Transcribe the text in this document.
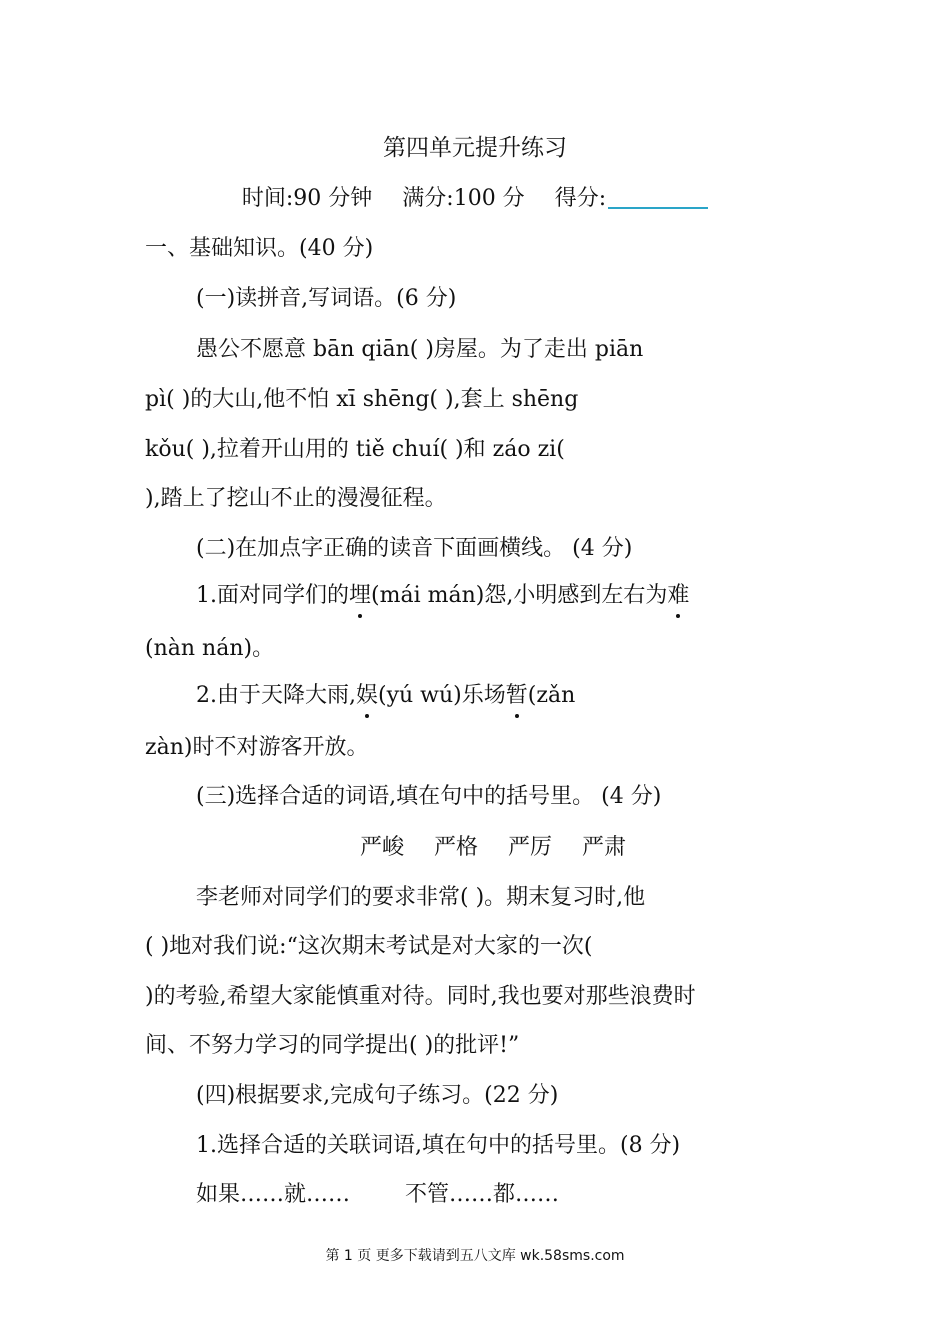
第四单元提升练习
时间:90 分钟 满分:100 分 得分:
一、基础知识。(40 分)
(一)读拼音,写词语。(6 分)
愚公不愿意 bān qiān( )房屋。为了走出 piān
pì( )的大山,他不怕 xī shēng( ),套上 shēng
kǒu( ),拉着开山用的 tiě chuí( )和 záo zi(
),踏上了挖山不止的漫漫征程。
(二)在加点字正确的读音下面画横线。 (4 分)
1.面对同学们的埋(mái mán)怨,小明感到左右为难
(nàn nán)。
2.由于天降大雨,娱(yú wú)乐场暂(zǎn
zàn)时不对游客开放。
(三)选择合适的词语,填在句中的括号里。 (4 分)
严峻 严格 严厉 严肃
李老师对同学们的要求非常( )。期末复习时,他
( )地对我们说:“这次期末考试是对大家的一次(
)的考验,希望大家能慎重对待。同时,我也要对那些浪费时
间、不努力学习的同学提出( )的批评!”
(四)根据要求,完成句子练习。(22 分)
1.选择合适的关联词语,填在句中的括号里。(8 分)
如果……就……	不管……都……
第 1 页 更多下载请到五八文库 wk.58sms.com
